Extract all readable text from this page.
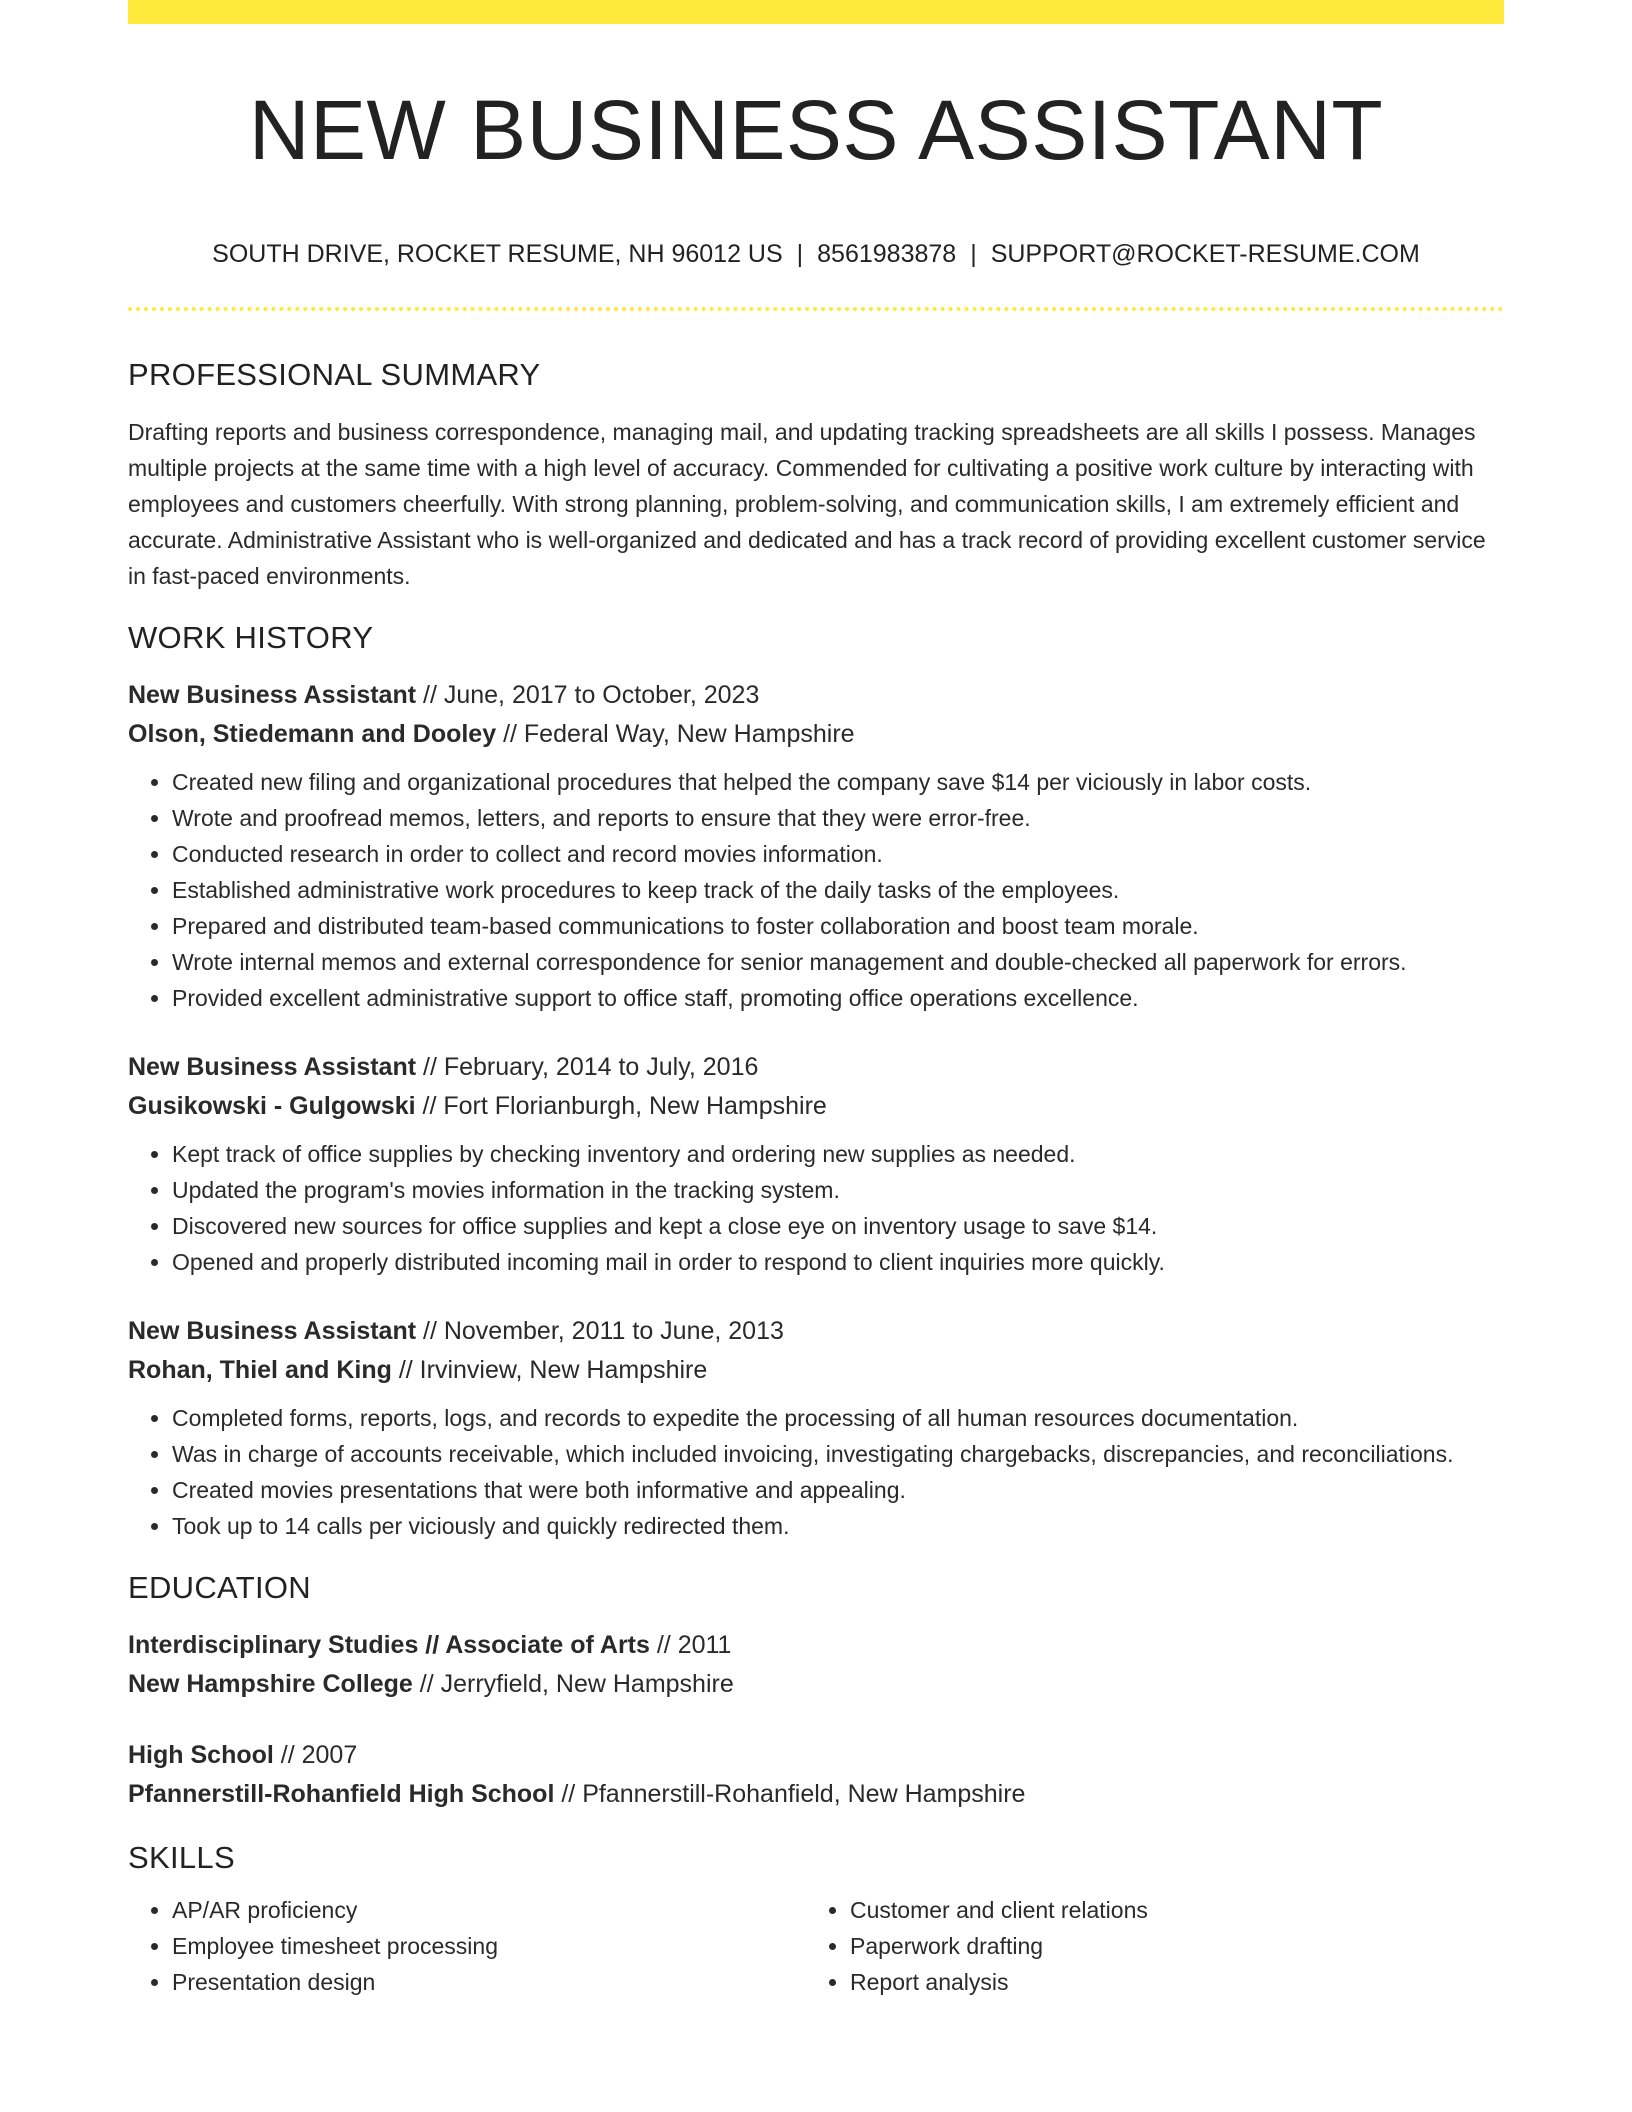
NEW BUSINESS ASSISTANT
SOUTH DRIVE, ROCKET RESUME, NH 96012 US | 8561983878 | SUPPORT@ROCKET-RESUME.COM
PROFESSIONAL SUMMARY

Drafting reports and business correspondence, managing mail, and updating tracking spreadsheets are all skills I possess. Manages multiple projects at the same time with a high level of accuracy. Commended for cultivating a positive work culture by interacting with employees and customers cheerfully. With strong planning, problem-solving, and communication skills, I am extremely efficient and accurate. Administrative Assistant who is well-organized and dedicated and has a track record of providing excellent customer service in fast-paced environments.

WORK HISTORY

New Business Assistant // June, 2017 to October, 2023

Olson, Stiedemann and Dooley // Federal Way, New Hampshire

• Created new filing and organizational procedures that helped the company save $14 per viciously in labor costs.
• Wrote and proofread memos, letters, and reports to ensure that they were error-free.
• Conducted research in order to collect and record movies information.
• Established administrative work procedures to keep track of the daily tasks of the employees.
• Prepared and distributed team-based communications to foster collaboration and boost team morale.
• Wrote internal memos and external correspondence for senior management and double-checked all paperwork for errors.
• Provided excellent administrative support to office staff, promoting office operations excellence.

New Business Assistant // February, 2014 to July, 2016

Gusikowski - Gulgowski // Fort Florianburgh, New Hampshire

• Kept track of office supplies by checking inventory and ordering new supplies as needed.
• Updated the program's movies information in the tracking system.
• Discovered new sources for office supplies and kept a close eye on inventory usage to save $14.
• Opened and properly distributed incoming mail in order to respond to client inquiries more quickly.

New Business Assistant // November, 2011 to June, 2013

Rohan, Thiel and King // Irvinview, New Hampshire

• Completed forms, reports, logs, and records to expedite the processing of all human resources documentation.
• Was in charge of accounts receivable, which included invoicing, investigating chargebacks, discrepancies, and reconciliations.
• Created movies presentations that were both informative and appealing.
• Took up to 14 calls per viciously and quickly redirected them.
EDUCATION

Interdisciplinary Studies // Associate of Arts // 2011

New Hampshire College // Jerryfield, New Hampshire

High School // 2007

Pfannerstill-Rohanfield High School // Pfannerstill-Rohanfield, New Hampshire

SKILLS
• AP/AR proficiency
• Employee timesheet processing
• Presentation design
• Customer and client relations
• Paperwork drafting
• Report analysis
